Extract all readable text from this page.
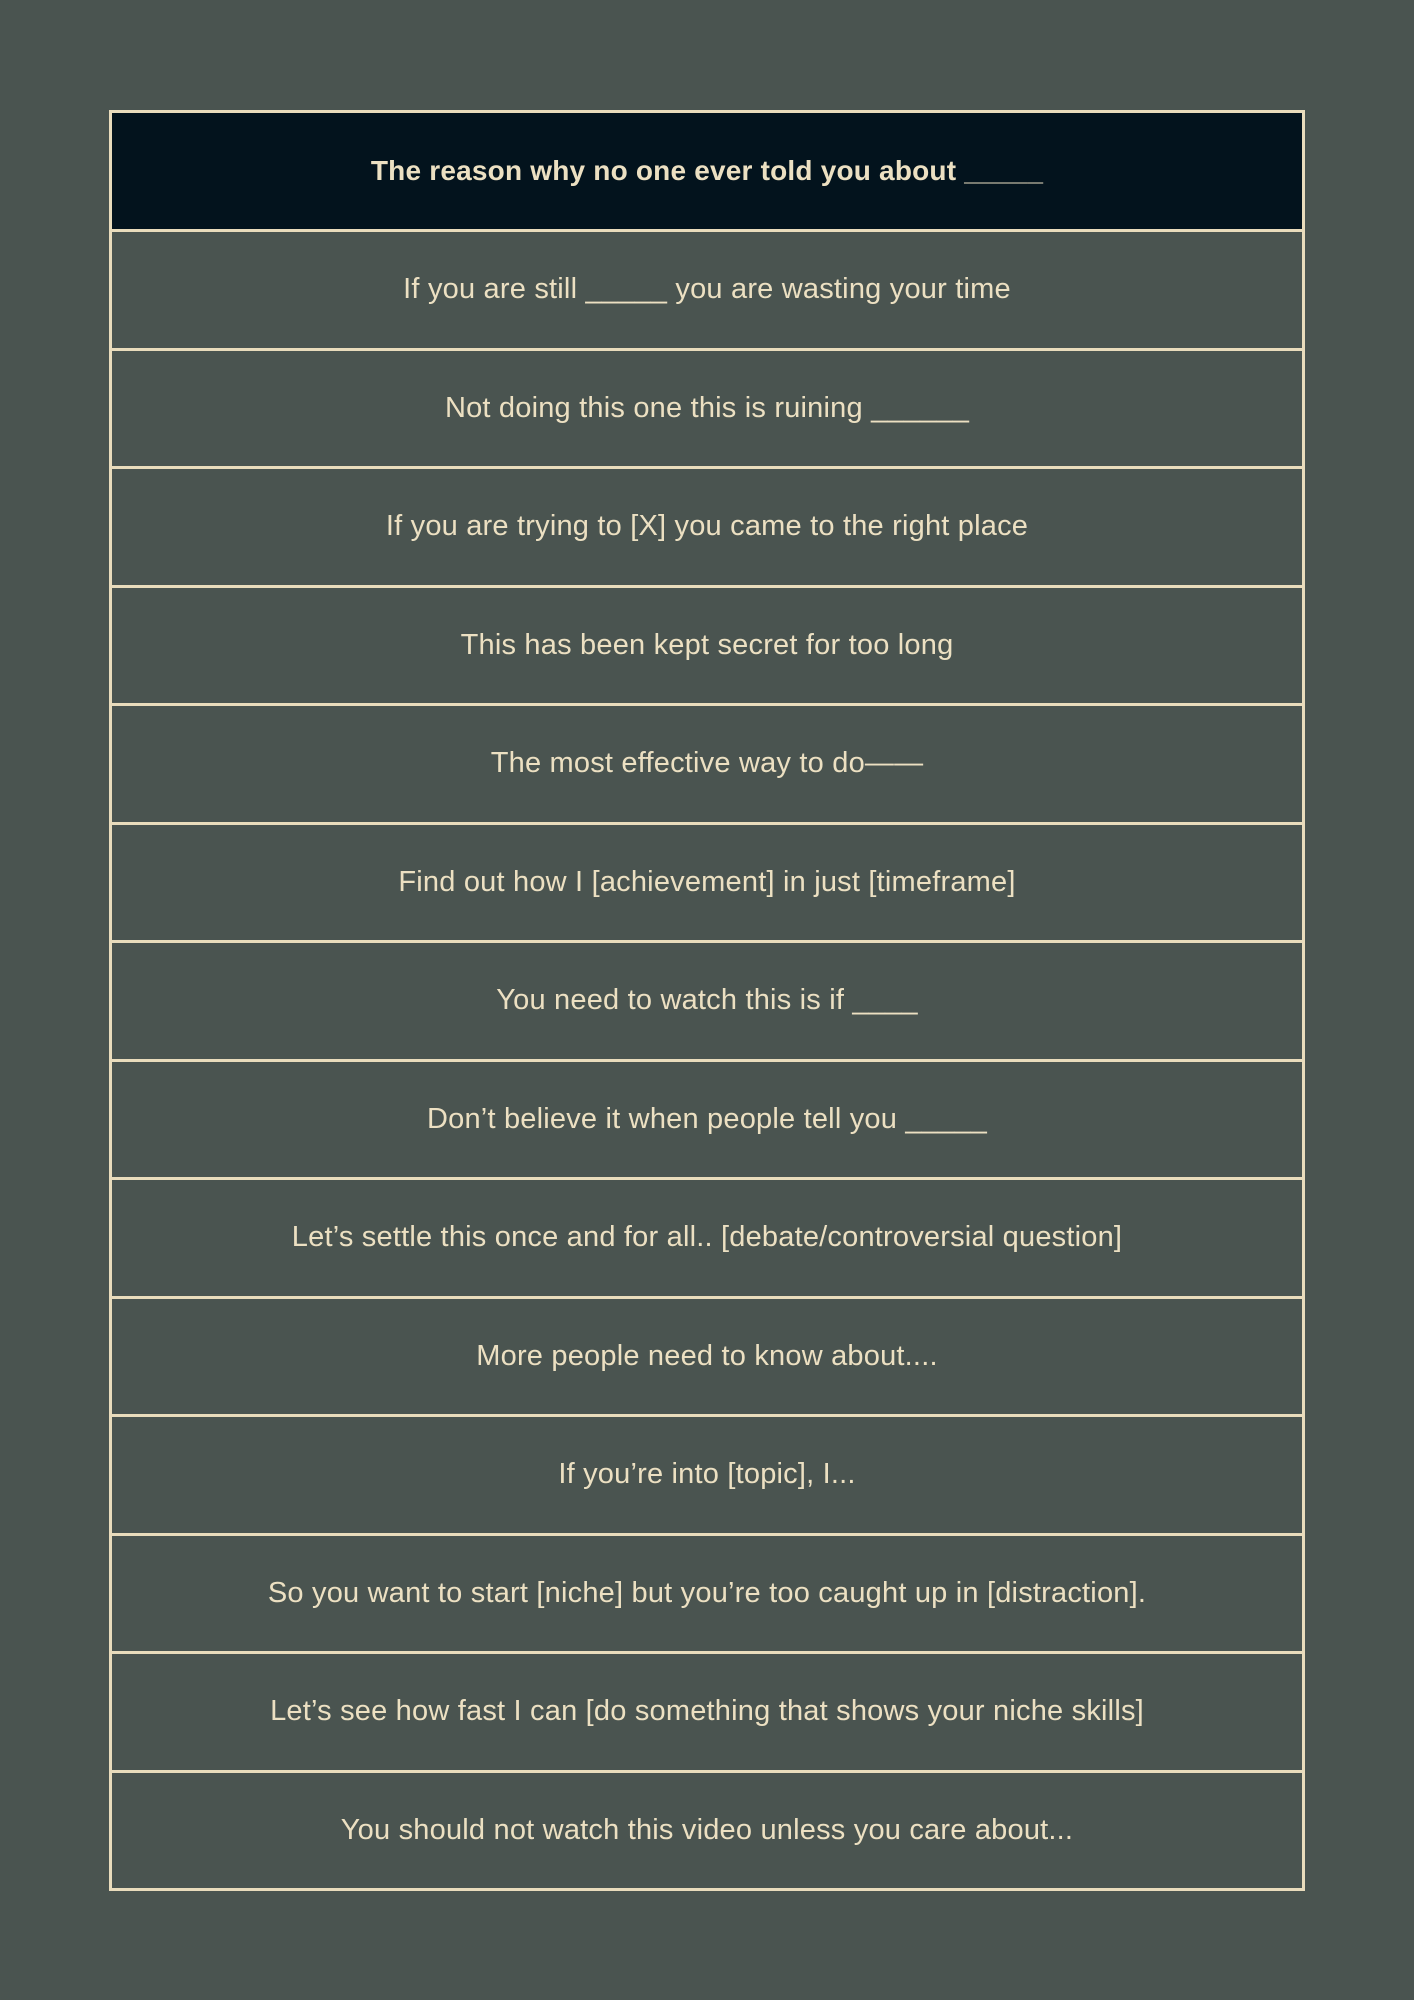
The reason why no one ever told you about _____
If you are still _____ you are wasting your time
Not doing this one this is ruining ______
If you are trying to [X] you came to the right place
This has been kept secret for too long
The most effective way to do——
Find out how I [achievement] in just [timeframe]
You need to watch this is if ____
Don’t believe it when people tell you _____
Let’s settle this once and for all.. [debate/controversial question]
More people need to know about....
If you’re into [topic], I...
So you want to start [niche] but you’re too caught up in [distraction].
Let’s see how fast I can [do something that shows your niche skills]
You should not watch this video unless you care about...
